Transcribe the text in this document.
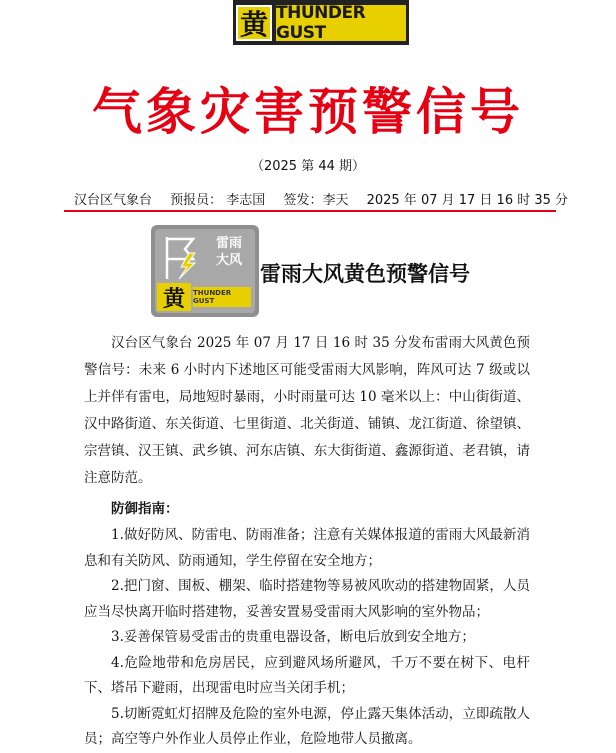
黄 THUNDER GUST
气象灾害预警信号
（2025 第 44 期）
汉台区气象台 预报员： 李志国 签发：李天 2025 年 07 月 17 日 16 时 35 分
雷雨
大风
黄	THUNDER GUST
雷雨大风黄色预警信号

汉台区气象台 2025 年 07 月 17 日 16 时 35 分发布雷雨大风黄色预警信号：未来 6 小时内下述地区可能受雷雨大风影响，阵风可达 7 级或以上并伴有雷电，局地短时暴雨，小时雨量可达 10 毫米以上：中山街街道、汉中路街道、东关街道、七里街道、北关街道、铺镇、龙江街道、徐望镇、宗营镇、汉王镇、武乡镇、河东店镇、东大街街道、鑫源街道、老君镇，请注意防范。

防御指南：

1.做好防风、防雷电、防雨准备；注意有关媒体报道的雷雨大风最新消息和有关防风、防雨通知，学生停留在安全地方；

2.把门窗、围板、棚架、临时搭建物等易被风吹动的搭建物固紧，人员应当尽快离开临时搭建物，妥善安置易受雷雨大风影响的室外物品；

3.妥善保管易受雷击的贵重电器设备，断电后放到安全地方；

4.危险地带和危房居民，应到避风场所避风，千万不要在树下、电杆下、塔吊下避雨，出现雷电时应当关闭手机；

5.切断霓虹灯招牌及危险的室外电源，停止露天集体活动，立即疏散人员；高空等户外作业人员停止作业，危险地带人员撤离。
